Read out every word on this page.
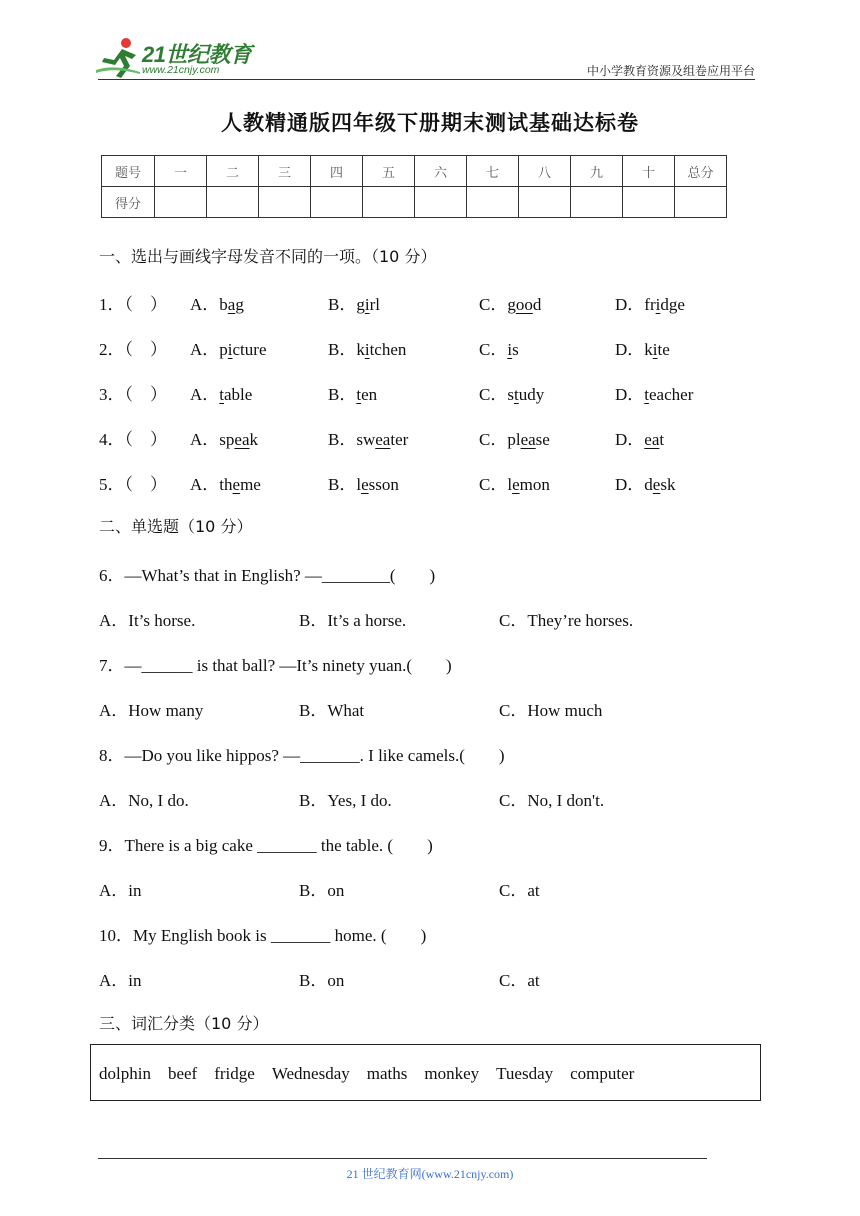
21世纪教育
www.21cnjy.com	中小学教育资源及组卷应用平台
人教精通版四年级下册期末测试基础达标卷
题号	一	二	三	四	五	六	七	八	九	十	总分
得分											
一、选出与画线字母发音不同的一项。（10 分）
1．（　） A．bag	B．girl	C．good	D．fridge
2．（　） A．picture	B．kitchen	C．is	D．kite
3．（　） A．table	B．ten	C．study	D．teacher
4．（　） A．speak	B．sweater	C．please	D．eat
5．（　） A．theme	B．lesson	C．lemon	D．desk
二、单选题（10 分）
6．—What’s that in English? —________(　　)
A．It’s horse.	B．It’s a horse.	C．They’re horses.
7．—______ is that ball? —It’s ninety yuan.(　　)
A．How many	B．What	C．How much
8．—Do you like hippos? —_______. I like camels.(　　)
A．No, I do.	B．Yes, I do.	C．No, I don't.
9．There is a big cake _______ the table. (　　)
A．in	B．on	C．at
10．My English book is _______ home. (　　)
A．in	B．on	C．at
三、词汇分类（10 分）
dolphin beef fridge Wednesday maths monkey Tuesday computer
21 世纪教育网(www.21cnjy.com)
